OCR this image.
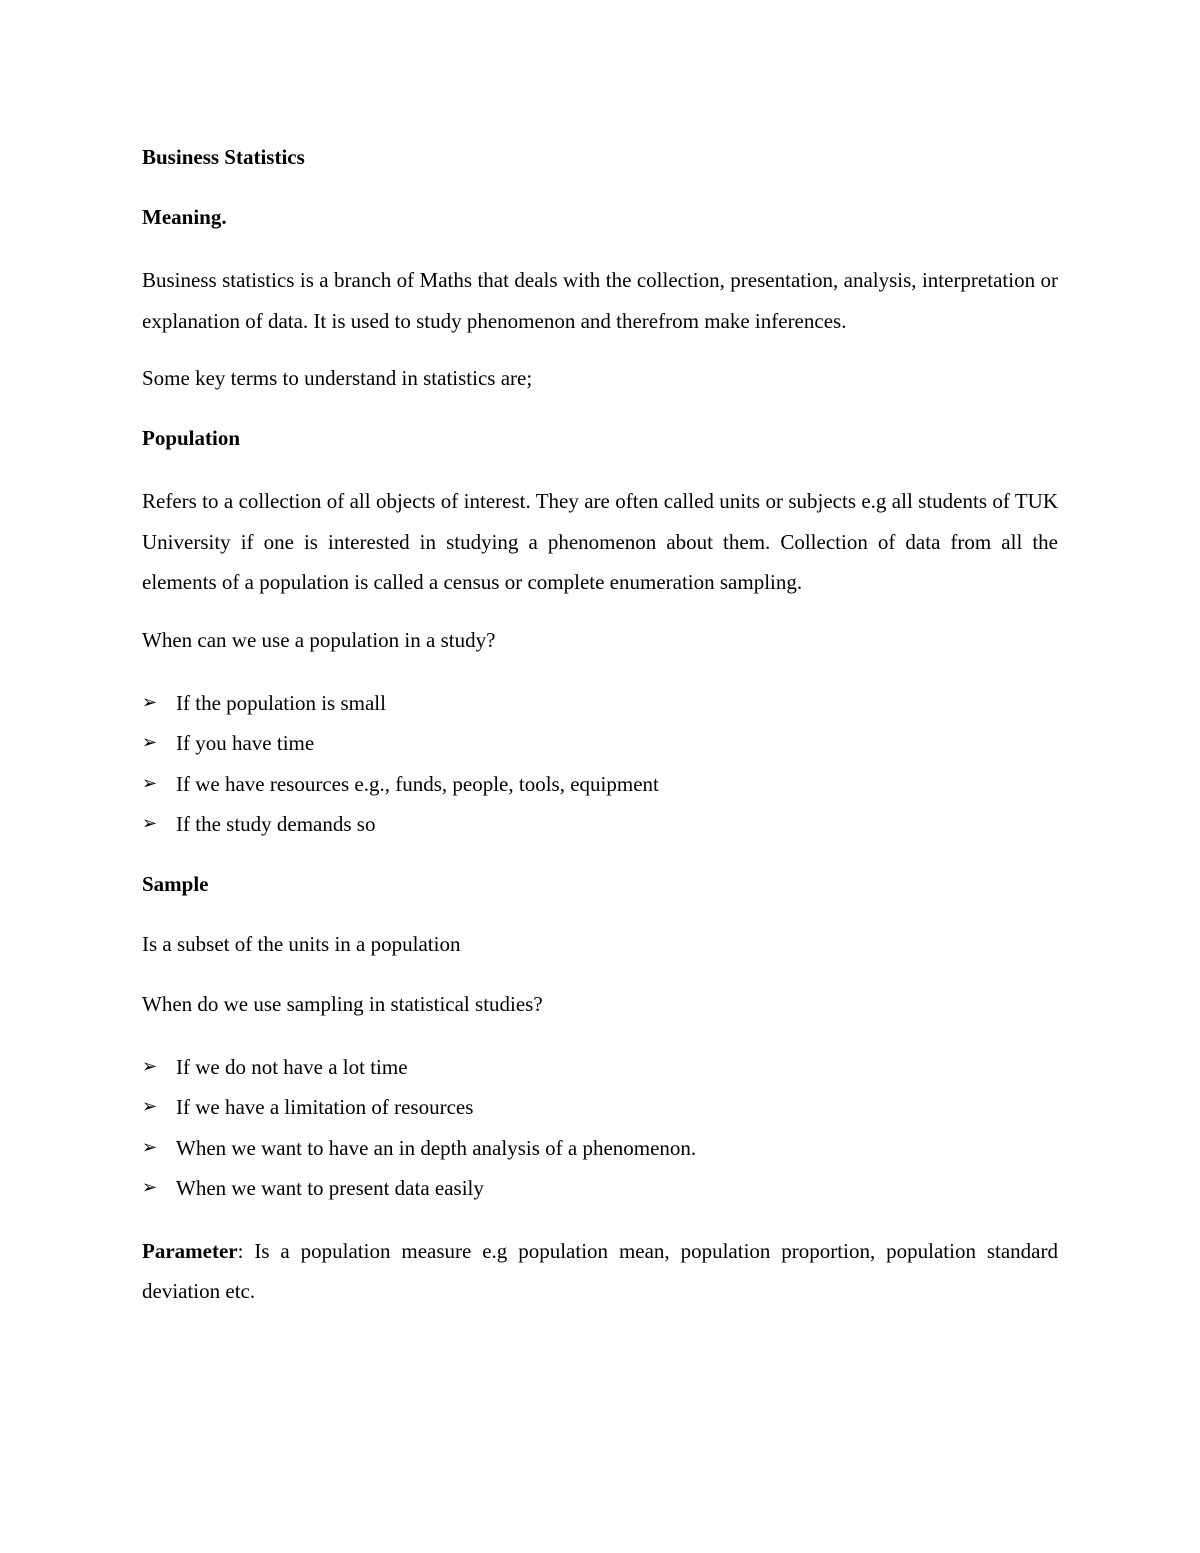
Business Statistics
Meaning.
Business statistics is a branch of Maths that deals with the collection, presentation, analysis, interpretation or explanation of data. It is used to study phenomenon and therefrom make inferences.
Some key terms to understand in statistics are;
Population
Refers to a collection of all objects of interest. They are often called units or subjects e.g all students of TUK University if one is interested in studying a phenomenon about them. Collection of data from all the elements of a population is called a census or complete enumeration sampling.
When can we use a population in a study?
➢ If the population is small
➢ If you have time
➢ If we have resources e.g., funds, people, tools, equipment
➢ If the study demands so
Sample
Is a subset of the units in a population
When do we use sampling in statistical studies?
➢ If we do not have a lot time
➢ If we have a limitation of resources
➢ When we want to have an in depth analysis of a phenomenon.
➢ When we want to present data easily
Parameter: Is a population measure e.g population mean, population proportion, population standard deviation etc.
